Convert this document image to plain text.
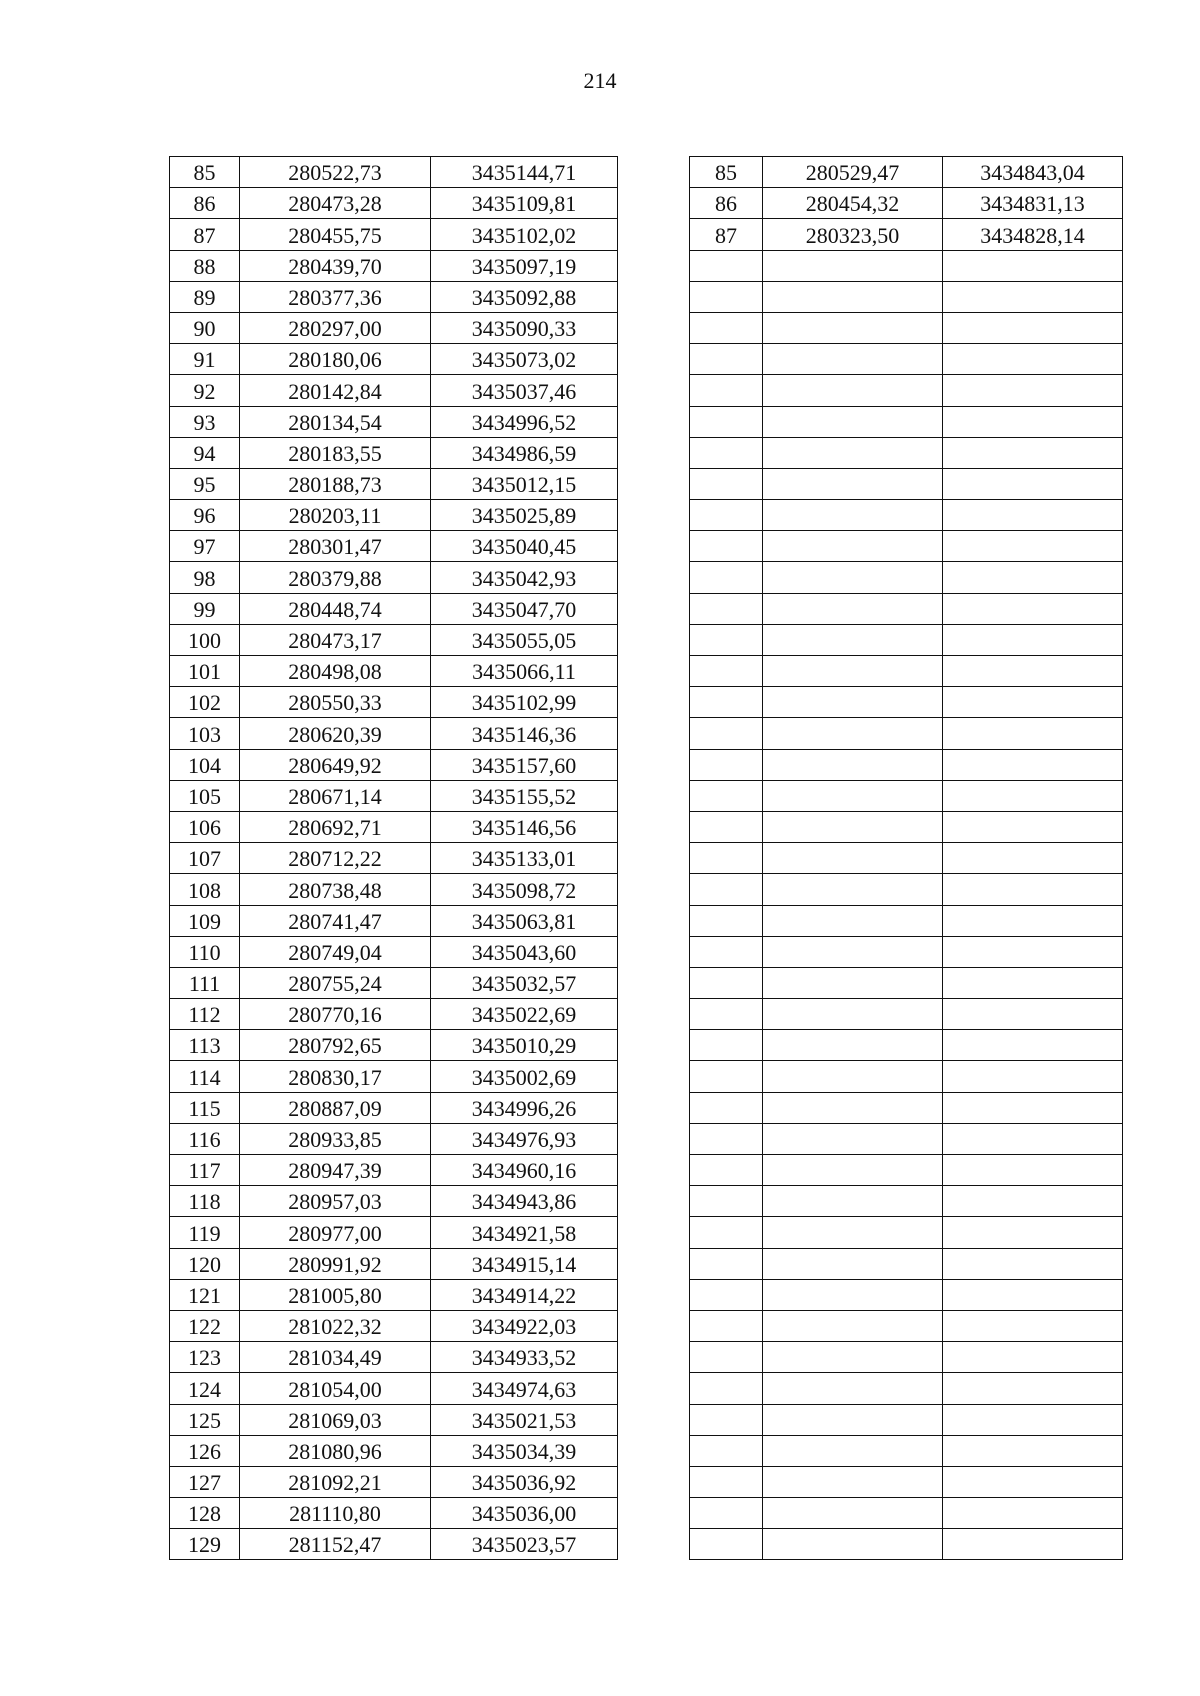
214
85	280522,73	3435144,71
86	280473,28	3435109,81
87	280455,75	3435102,02
88	280439,70	3435097,19
89	280377,36	3435092,88
90	280297,00	3435090,33
91	280180,06	3435073,02
92	280142,84	3435037,46
93	280134,54	3434996,52
94	280183,55	3434986,59
95	280188,73	3435012,15
96	280203,11	3435025,89
97	280301,47	3435040,45
98	280379,88	3435042,93
99	280448,74	3435047,70
100	280473,17	3435055,05
101	280498,08	3435066,11
102	280550,33	3435102,99
103	280620,39	3435146,36
104	280649,92	3435157,60
105	280671,14	3435155,52
106	280692,71	3435146,56
107	280712,22	3435133,01
108	280738,48	3435098,72
109	280741,47	3435063,81
110	280749,04	3435043,60
111	280755,24	3435032,57
112	280770,16	3435022,69
113	280792,65	3435010,29
114	280830,17	3435002,69
115	280887,09	3434996,26
116	280933,85	3434976,93
117	280947,39	3434960,16
118	280957,03	3434943,86
119	280977,00	3434921,58
120	280991,92	3434915,14
121	281005,80	3434914,22
122	281022,32	3434922,03
123	281034,49	3434933,52
124	281054,00	3434974,63
125	281069,03	3435021,53
126	281080,96	3435034,39
127	281092,21	3435036,92
128	281110,80	3435036,00
129	281152,47	3435023,57
85	280529,47	3434843,04
86	280454,32	3434831,13
87	280323,50	3434828,14
